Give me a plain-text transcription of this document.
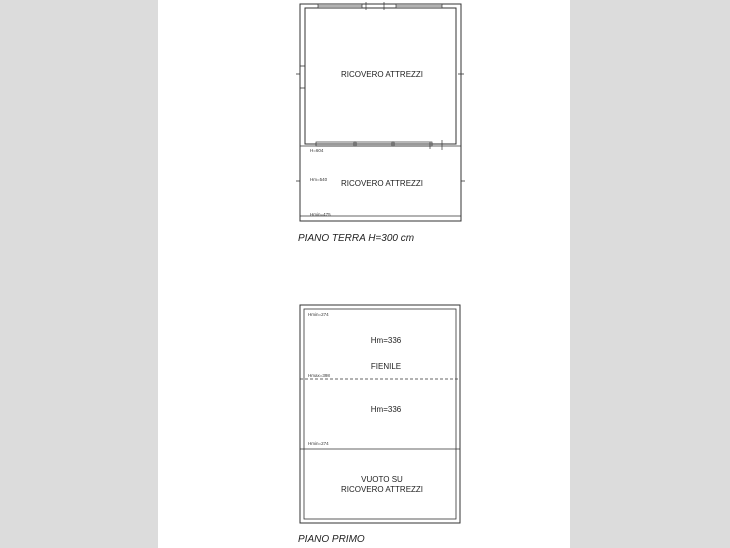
RICOVERO ATTREZZI
RICOVERO ATTREZZI
H=604
Hm=540
Hmin=475
Hmin=274
Hm=336
FIENILE
Hmax=398
Hm=336
Hmin=274
VUOTO SU
RICOVERO ATTREZZI
PIANO TERRA H=300 cm
PIANO PRIMO
